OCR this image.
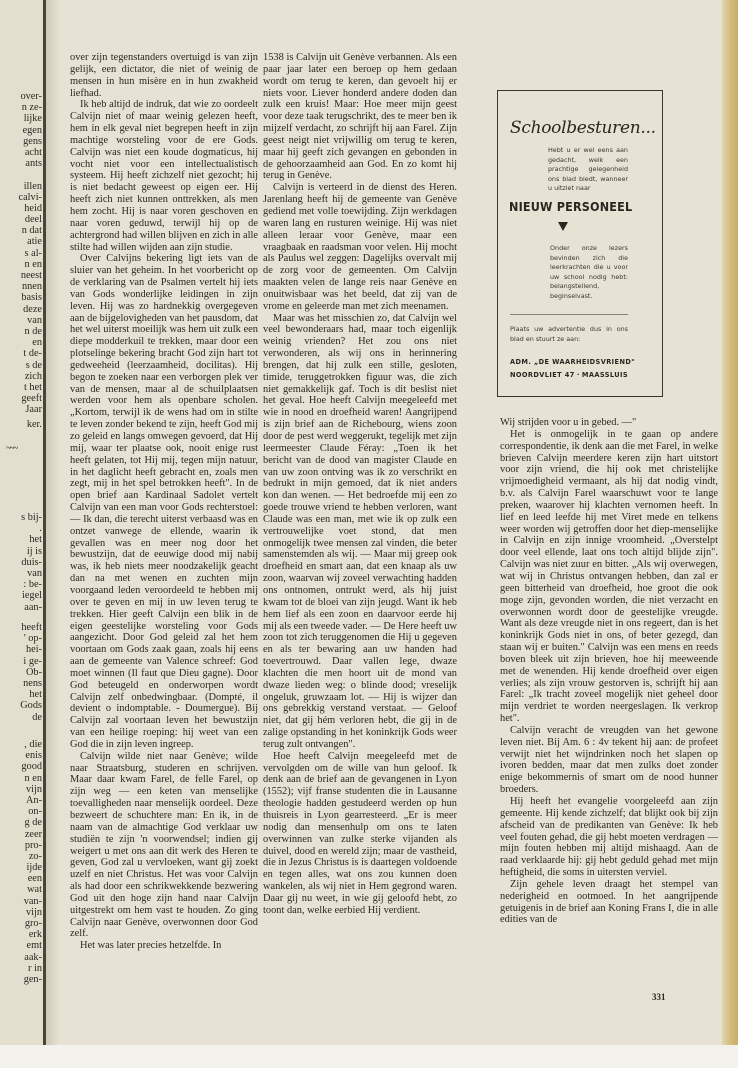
over-
n ze-
lijke
egen
gens
acht
ants
illen
calvi-
heid
deel
n dat
atie
s al-
n en
neest
nnen
basis
deze
van
n de
en
t de-
s de
zich
t het
geeft
Jaar
ker.
~~~
s bij-
.
het
ij is
duis-
van
: be-
iegel
aan-
heeft
' op-
hei-
i ge-
Ob-
nens
het
Gods
de
, die
enis
good
n en
vijn
An-
on-
g de
zeer
pro-
zo-
ijde
een
wat
van-
vijn
gro-
erk
emt
aak-
r in
gen-

over zijn tegenstanders overtuigd is van zijn gelijk, een dictator, die niet of weinig de mensen in hun misère en in hun zwakheid liefhad.

Ik heb altijd de indruk, dat wie zo oordeelt Calvijn niet of maar weinig gelezen heeft, hem in elk geval niet begrepen heeft in zijn machtige worsteling voor de ere Gods. Calvijn was niet een koude dogmaticus, hij vocht niet voor een intellectualistisch systeem. Hij heeft zichzelf niet gezocht; hij is niet bedacht geweest op eigen eer. Hij heeft zich niet kunnen onttrekken, als men hem zocht. Hij is naar voren geschoven en naar voren geduwd, terwijl hij op de achtergrond had willen blijven en zich in alle stilte had willen wijden aan zijn studie.

Over Calvijns bekering ligt iets van de sluier van het geheim. In het voorbericht op de verklaring van de Psalmen vertelt hij iets van Gods wonderlijke leidingen in zijn leven. Hij was zo hardnekkig overgegeven aan de bijgelovigheden van het pausdom, dat het wel uiterst moeilijk was hem uit zulk een diepe modderkuil te trekken, maar door een plotselinge bekering bracht God zijn hart tot gedweeheid (leerzaamheid, docilitas). Hij begon te zoeken naar een verborgen plek ver van de mensen, maar al de schuilplaatsen werden voor hem als openbare scholen. „Kortom, terwijl ik de wens had om in stilte te leven zonder bekend te zijn, heeft God mij zo geleid en langs omwegen gevoerd, dat Hij mij, waar ter plaatse ook, nooit enige rust heeft gelaten, tot Hij mij, tegen mijn natuur, in het daglicht heeft gebracht en, zoals men zegt, mij in het spel betrokken heeft". In de open brief aan Kardinaal Sadolet vertelt Calvijn van een man voor Gods rechterstoel: — Ik dan, die terecht uiterst verbaasd was en ontzet vanwege de ellende, waarin ik gevallen was en meer nog door het bewustzijn, dat de eeuwige dood mij nabij was, ik heb niets meer noodzakelijk geacht dan na met wenen en zuchten mijn voorgaand leden veroordeeld te hebben mij over te geven en mij in uw leven terug te trekken. Hier geeft Calvijn een blik in de eigen geestelijke worsteling voor Gods aangezicht. Door God geleid zal het hem voortaan om Gods zaak gaan, zoals hij eens aan de gemeente van Valence schreef: God moet winnen (Il faut que Dieu gagne). Door God beteugeld en onderworpen wordt Calvijn zelf onbedwingbaar. (Dompté, il devient o indomptable. - Doumergue). Bij Calvijn zal voortaan leven het bewustzijn van een heilige roeping: hij weet van een God die in zijn leven ingreep.

Calvijn wilde niet naar Genève; wilde naar Straatsburg, studeren en schrijven. Maar daar kwam Farel, de felle Farel, op zijn weg — een keten van menselijke toevalligheden naar menselijk oordeel. Deze bezweert de schuchtere man: En ik, in de naam van de almachtige God verklaar uw studiën te zijn 'n voorwendsel; indien gij weigert u met ons aan dit werk des Heren te geven, God zal u vervloeken, want gij zoekt uzelf en niet Christus. Het was voor Calvijn als had door een schrikwekkende bezwering God uit den hoge zijn hand naar Calvijn uitgestrekt om hem vast te houden. Zo ging Calvijn naar Genève, overwonnen door God zelf.

Het was later precies hetzelfde. In

1538 is Calvijn uit Genève verbannen. Als een paar jaar later een beroep op hem gedaan wordt om terug te keren, dan gevoelt hij er niets voor. Liever honderd andere doden dan zulk een kruis! Maar: Hoe meer mijn geest voor deze taak terugschrikt, des te meer ben ik mijzelf verdacht, zo schrijft hij aan Farel. Zijn geest neigt niet vrijwillig om terug te keren, maar hij geeft zich gevangen en gebonden in de gehoorzaamheid aan God. En zo komt hij terug in Genève.

Calvijn is verteerd in de dienst des Heren. Jarenlang heeft hij de gemeente van Genève gediend met volle toewijding. Zijn werkdagen waren lang en rusturen weinige. Hij was niet alleen leraar voor Genève, maar een vraagbaak en raadsman voor velen. Hij mocht als Paulus wel zeggen: Dagelijks overvalt mij de zorg voor de gemeenten. Om Calvijn maakten velen de lange reis naar Genève en onuitwisbaar was het beeld, dat zij van de vrome en geleerde man met zich meenamen.

Maar was het misschien zo, dat Calvijn wel veel bewonderaars had, maar toch eigenlijk weinig vrienden? Het zou ons niet verwonderen, als wij ons in herinnering brengen, dat hij zulk een stille, gesloten, timide, teruggetrokken figuur was, die zich niet gemakkelijk gaf. Toch is dit beslist niet het geval. Hoe heeft Calvijn meegeleefd met wie in nood en droefheid waren! Aangrijpend is zijn brief aan de Richebourg, wiens zoon door de pest werd weggerukt, tegelijk met zijn leermeester Claude Féray: „Toen ik het bericht van de dood van magister Claude en van uw zoon ontving was ik zo verschrikt en bedrukt in mijn gemoed, dat ik niet anders kon dan wenen. — Het bedroefde mij een zo goede trouwe vriend te hebben verloren, want Claude was een man, met wie ik op zulk een vertrouwelijke voet stond, dat men onmogelijk twee mensen zal vinden, die beter samenstemden als wij. — Maar mij greep ook droefheid en smart aan, dat een knaap als uw zoon, waarvan wij zoveel verwachting hadden ons ontnomen, ontrukt werd, als hij juist kwam tot de bloei van zijn jeugd. Want ik heb hem lief als een zoon en daarvoor eerde hij mij als een tweede vader. — De Here heeft uw zoon tot zich teruggenomen die Hij u gegeven en als ter bewaring aan uw handen had toevertrouwd. Daar vallen lege, dwaze klachten die men hoort uit de mond van dwaze lieden weg: o blinde dood; vreselijk ongeluk, gruwzaam lot. — Hij is wijzer dan ons gebrekkig verstand verstaat. — Geloof niet, dat gij hém verloren hebt, die gij in de zalige opstanding in het koninkrijk Gods weer terug zult ontvangen".

Hoe heeft Calvijn meegeleefd met de vervolgden om de wille van hun geloof. Ik denk aan de brief aan de gevangenen in Lyon (1552); vijf franse studenten die in Lausanne theologie hadden gestudeerd werden op hun thuisreis in Lyon gearresteerd. „Er is meer nodig dan mensenhulp om ons te laten overwinnen van zulke sterke vijanden als duivel, dood en wereld zijn; maar de vastheid, die in Jezus Christus is is daartegen voldoende en tegen alles, wat ons zou kunnen doen wankelen, als wij niet in Hem gegrond waren. Daar gij nu weet, in wie gij geloofd hebt, zo toont dan, welke eerbied Hij verdient.

Schoolbesturen...
Hebt u er wel eens aan gedacht, welk een prachtige gelegenheid ons blad biedt, wanneer u uitziet naar
NIEUW PERSONEEL
Onder onze lezers bevinden zich die leerkrachten die u voor uw school nodig hebt: belangstellend, beginselvast.
Plaats uw advertentie dus in ons blad en stuurt ze aan:
ADM. „DE WAARHEIDSVRIEND"
NOORDVLIET 47 · MAASSLUIS

Wij strijden voor u in gebed. —"

Het is onmogelijk in te gaan op andere correspondentie, ik denk aan die met Farel, in welke brieven Calvijn meerdere keren zijn hart uitstort voor zijn vriend, die hij ook met christelijke vrijmoedigheid vermaant, als hij dat nodig vindt, b.v. als Calvijn Farel waarschuwt voor te lange preken, waarover hij klachten vernomen heeft. In lief en leed leefde hij met Viret mede en telkens weer worden wij getroffen door het diep-menselijke in Calvijn en zijn innige vroomheid. „Overstelpt door veel ellende, laat ons toch altijd blijde zijn". Calvijn was niet zuur en bitter. „Als wij overwegen, wat wij in Christus ontvangen hebben, dan zal er geen bitterheid van droefheid, hoe groot die ook moge zijn, gevonden worden, die niet verzacht en overwonnen wordt door de geestelijke vreugde. Want als deze vreugde niet in ons regeert, dan is het koninkrijk Gods niet in ons, of beter gezegd, dan staan wij er buiten." Calvijn was een mens en reeds boven bleek uit zijn brieven, hoe hij meeweende met de wenenden. Hij kende droefheid over eigen verlies; als zijn vrouw gestorven is, schrijft hij aan Farel: „Ik tracht zoveel mogelijk niet geheel door mijn verdriet te worden neergeslagen. Ik verkrop het".

Calvijn veracht de vreugden van het gewone leven niet. Bij Am. 6 : 4v tekent hij aan: de profeet verwijt niet het wijndrinken noch het slapen op ivoren bedden, maar dat men zulks doet zonder enige bekommernis of smart om de nood hunner broeders.

Hij heeft het evangelie voorgeleefd aan zijn gemeente. Hij kende zichzelf; dat blijkt ook bij zijn afscheid van de predikanten van Genève: Ik heb veel fouten gehad, die gij hebt moeten verdragen — mijn fouten hebben mij altijd mishaagd. Aan de raad verklaarde hij: gij hebt geduld gehad met mijn heftigheid, die soms in uitersten verviel.

Zijn gehele leven draagt het stempel van nederigheid en ootmoed. In het aangrijpende getuigenis in de brief aan Koning Frans I, die in alle edities van de

331
